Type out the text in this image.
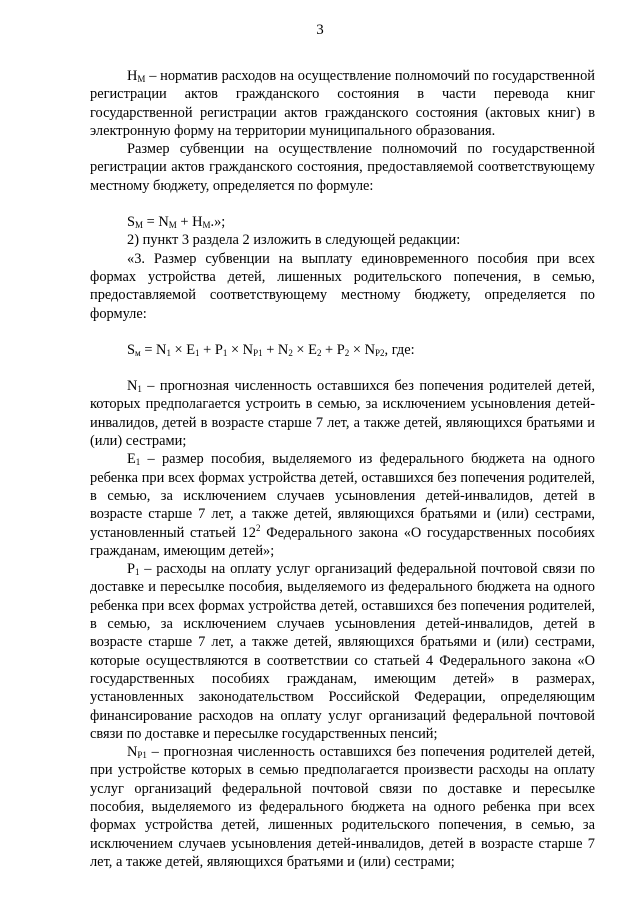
3

$Н_М$ – норматив расходов на осуществление полномочий по государственной регистрации актов гражданского состояния в части перевода книг государственной регистрации актов гражданского состояния (актовых книг) в электронную форму на территории муниципального образования.

Размер субвенции на осуществление полномочий по государственной регистрации актов гражданского состояния, предоставляемой соответствующему местному бюджету, определяется по формуле:

$S_М = N_М + Н_М$.»;

2) пункт 3 раздела 2 изложить в следующей редакции:

«3. Размер субвенции на выплату единовременного пособия при всех формах устройства детей, лишенных родительского попечения, в семью, предоставляемой соответствующему местному бюджету, определяется по формуле:

$S_м = N_1 \times E_1 + P_1 \times N_{P1} + N_2 \times E_2 + P_2 \times N_{P2}$, где:

$N_1$ – прогнозная численность оставшихся без попечения родителей детей, которых предполагается устроить в семью, за исключением усыновления детей-инвалидов, детей в возрасте старше 7 лет, а также детей, являющихся братьями и (или) сестрами;

$E_1$ – размер пособия, выделяемого из федерального бюджета на одного ребенка при всех формах устройства детей, оставшихся без попечения родителей, в семью, за исключением случаев усыновления детей-инвалидов, детей в возрасте старше 7 лет, а также детей, являющихся братьями и (или) сестрами, установленный статьей $12^2$ Федерального закона «О государственных пособиях гражданам, имеющим детей»;

$P_1$ – расходы на оплату услуг организаций федеральной почтовой связи по доставке и пересылке пособия, выделяемого из федерального бюджета на одного ребенка при всех формах устройства детей, оставшихся без попечения родителей, в семью, за исключением случаев усыновления детей-инвалидов, детей в возрасте старше 7 лет, а также детей, являющихся братьями и (или) сестрами, которые осуществляются в соответствии со статьей 4 Федерального закона «О государственных пособиях гражданам, имеющим детей» в размерах, установленных законодательством Российской Федерации, определяющим финансирование расходов на оплату услуг организаций федеральной почтовой связи по доставке и пересылке государственных пенсий;

$N_{P1}$ – прогнозная численность оставшихся без попечения родителей детей, при устройстве которых в семью предполагается произвести расходы на оплату услуг организаций федеральной почтовой связи по доставке и пересылке пособия, выделяемого из федерального бюджета на одного ребенка при всех формах устройства детей, лишенных родительского попечения, в семью, за исключением случаев усыновления детей-инвалидов, детей в возрасте старше 7 лет, а также детей, являющихся братьями и (или) сестрами;
